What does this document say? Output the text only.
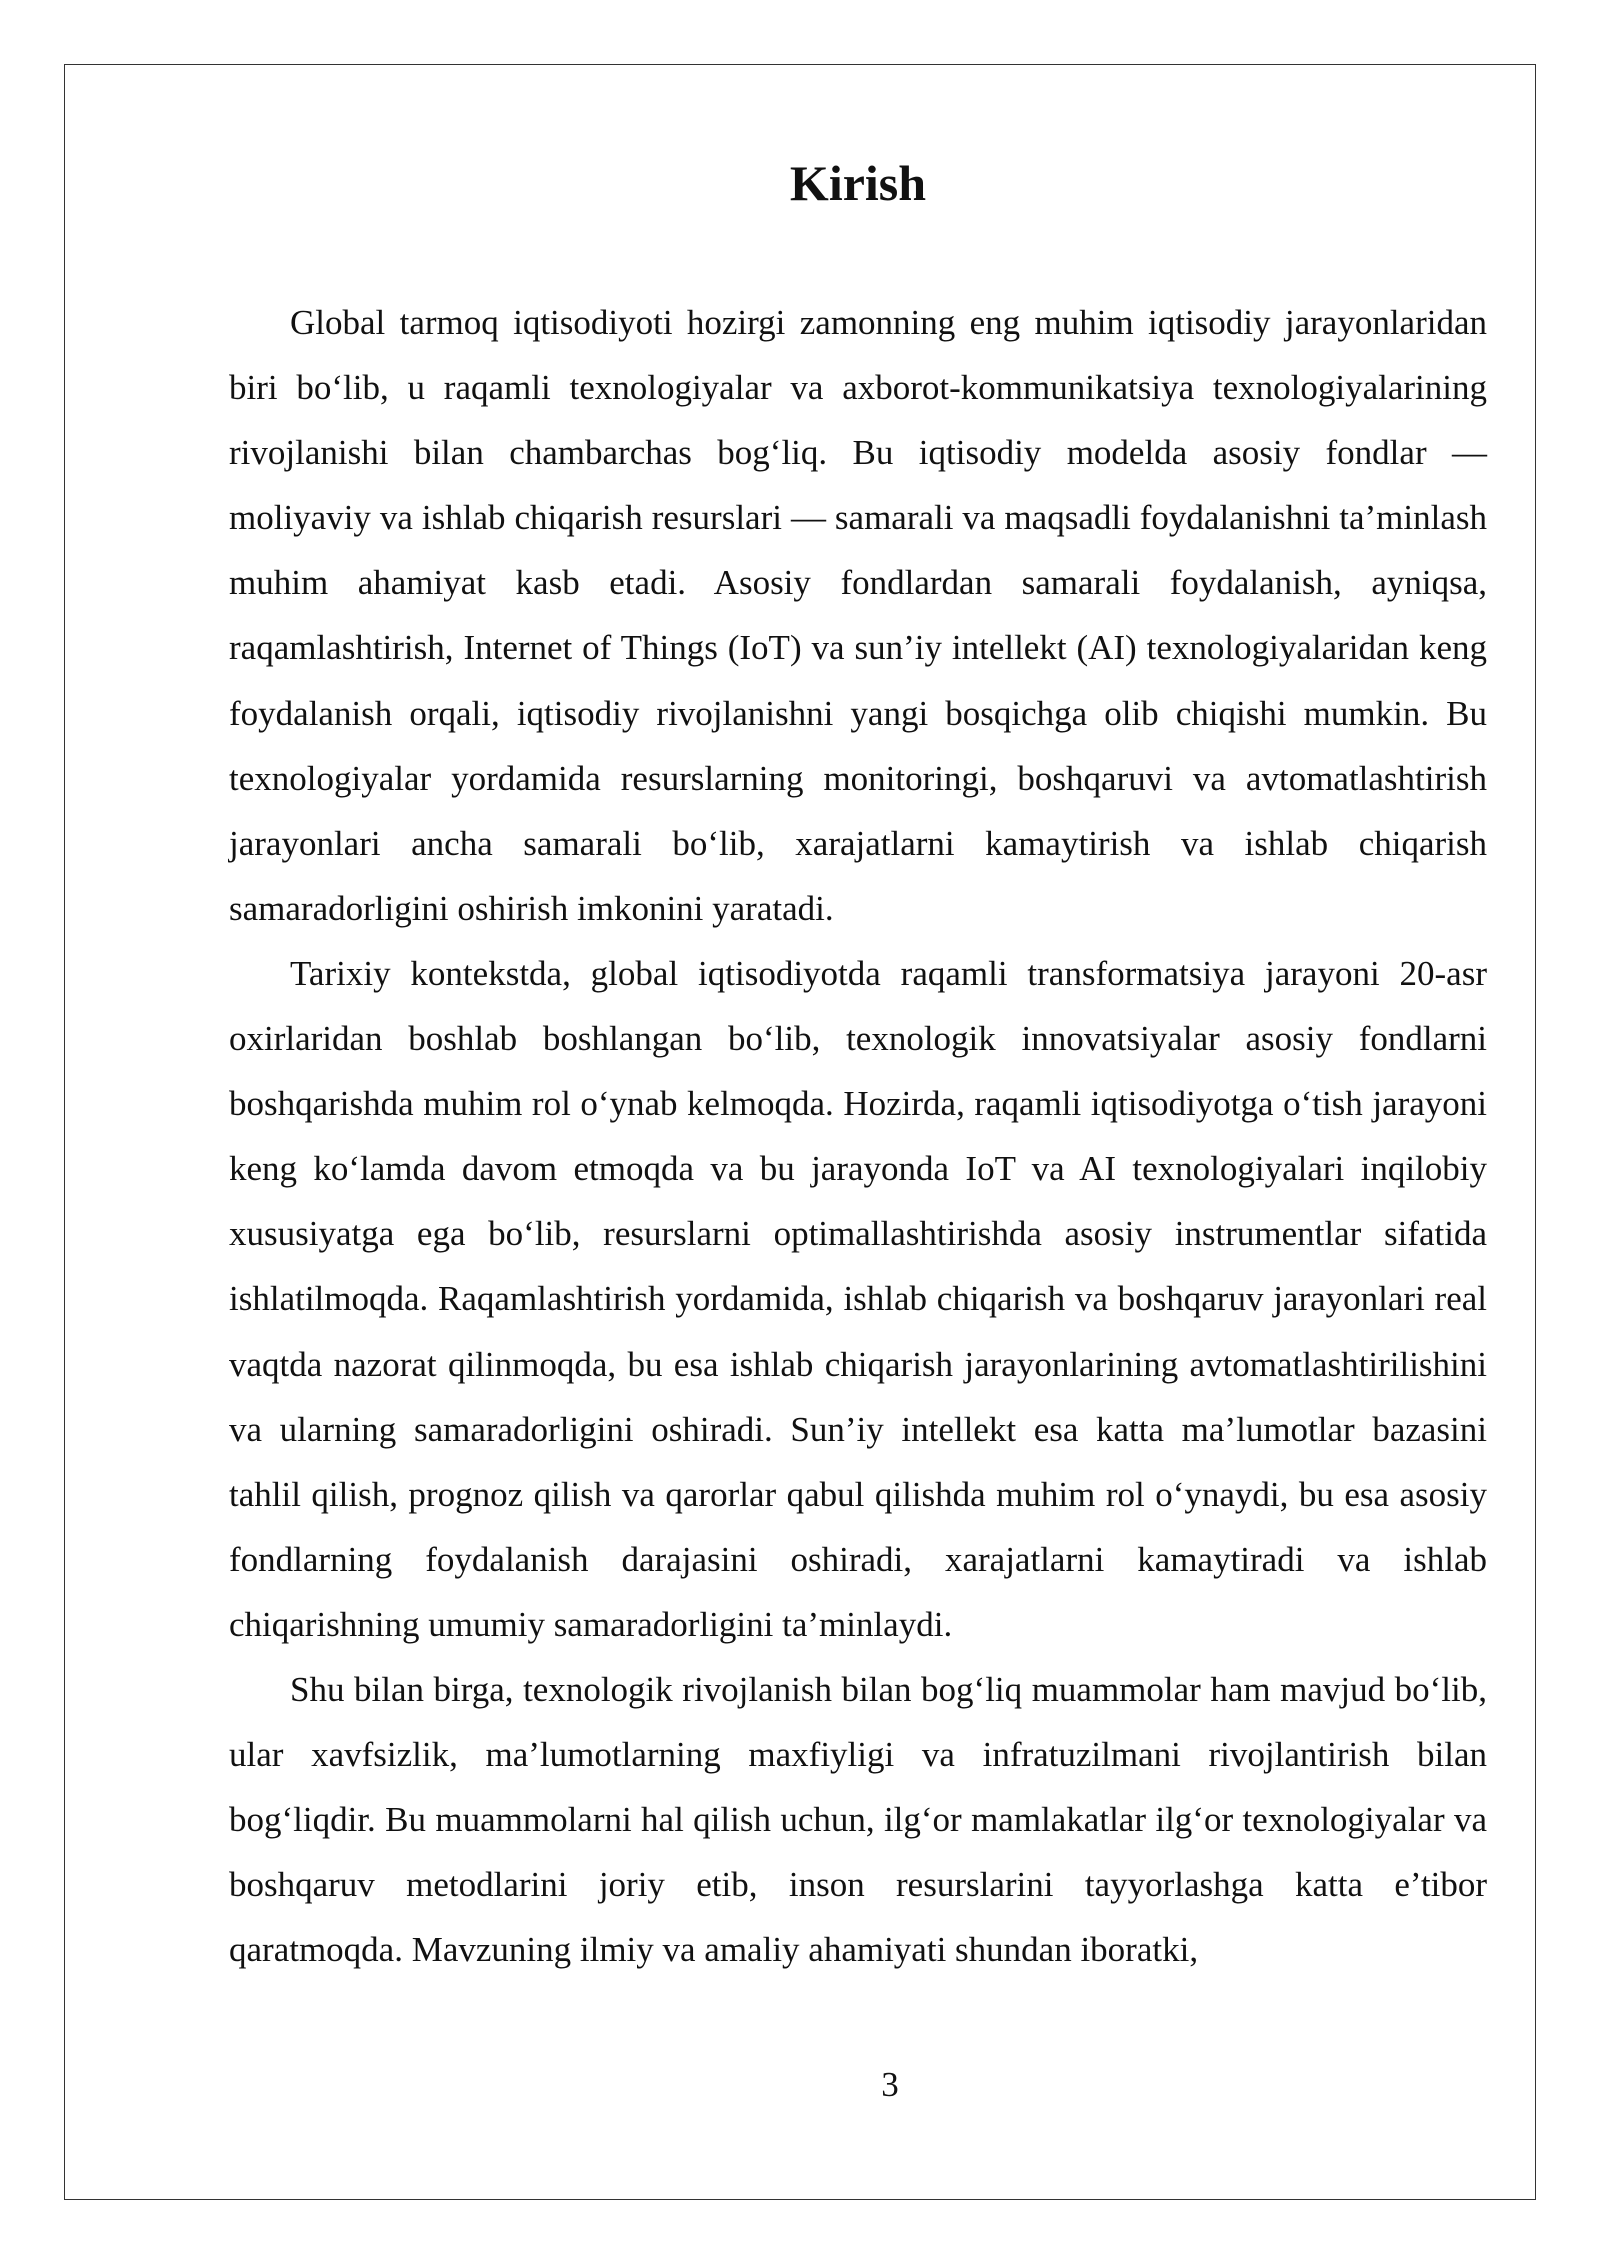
Kirish

Global tarmoq iqtisodiyoti hozirgi zamonning eng muhim iqtisodiy jarayonlaridan biri bo‘lib, u raqamli texnologiyalar va axborot-kommunikatsiya texnologiyalarining rivojlanishi bilan chambarchas bog‘liq. Bu iqtisodiy modelda asosiy fondlar — moliyaviy va ishlab chiqarish resurslari — samarali va maqsadli foydalanishni ta’minlash muhim ahamiyat kasb etadi. Asosiy fondlardan samarali foydalanish, ayniqsa, raqamlashtirish, Internet of Things (IoT) va sun’iy intellekt (AI) texnologiyalaridan keng foydalanish orqali, iqtisodiy rivojlanishni yangi bosqichga olib chiqishi mumkin. Bu texnologiyalar yordamida resurslarning monitoringi, boshqaruvi va avtomatlashtirish jarayonlari ancha samarali bo‘lib, xarajatlarni kamaytirish va ishlab chiqarish samaradorligini oshirish imkonini yaratadi.

Tarixiy kontekstda, global iqtisodiyotda raqamli transformatsiya jarayoni 20-asr oxirlaridan boshlab boshlangan bo‘lib, texnologik innovatsiyalar asosiy fondlarni boshqarishda muhim rol o‘ynab kelmoqda. Hozirda, raqamli iqtisodiyotga o‘tish jarayoni keng ko‘lamda davom etmoqda va bu jarayonda IoT va AI texnologiyalari inqilobiy xususiyatga ega bo‘lib, resurslarni optimallashtirishda asosiy instrumentlar sifatida ishlatilmoqda. Raqamlashtirish yordamida, ishlab chiqarish va boshqaruv jarayonlari real vaqtda nazorat qilinmoqda, bu esa ishlab chiqarish jarayonlarining avtomatlashtirilishini va ularning samaradorligini oshiradi. Sun’iy intellekt esa katta ma’lumotlar bazasini tahlil qilish, prognoz qilish va qarorlar qabul qilishda muhim rol o‘ynaydi, bu esa asosiy fondlarning foydalanish darajasini oshiradi, xarajatlarni kamaytiradi va ishlab chiqarishning umumiy samaradorligini ta’minlaydi.

Shu bilan birga, texnologik rivojlanish bilan bog‘liq muammolar ham mavjud bo‘lib, ular xavfsizlik, ma’lumotlarning maxfiyligi va infratuzilmani rivojlantirish bilan bog‘liqdir. Bu muammolarni hal qilish uchun, ilg‘or mamlakatlar ilg‘or texnologiyalar va boshqaruv metodlarini joriy etib, inson resurslarini tayyorlashga katta e’tibor qaratmoqda. Mavzuning ilmiy va amaliy ahamiyati shundan iboratki,

3
